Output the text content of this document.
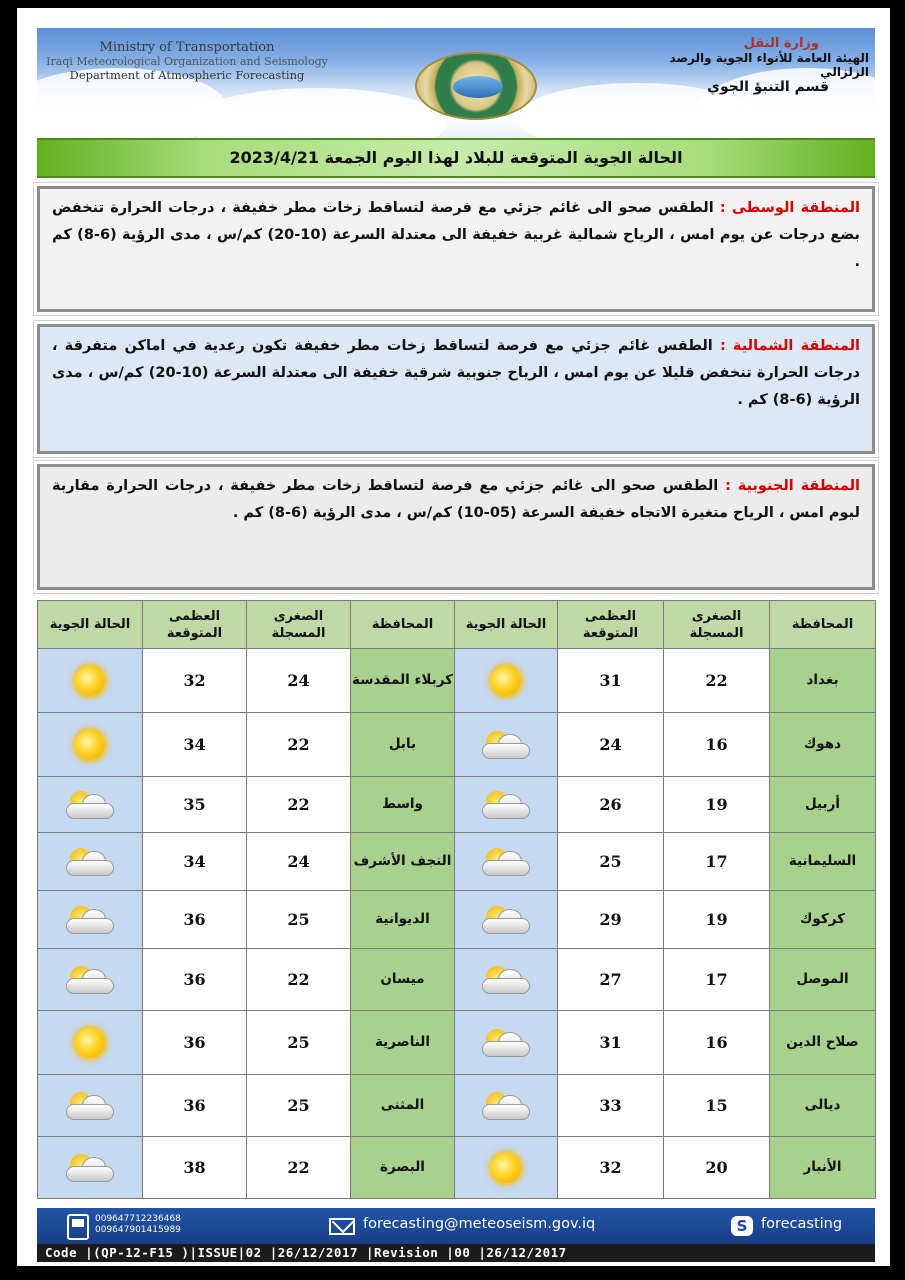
Ministry of Transportation
Iraqi Meteorological Organization and Seismology
Department of Atmospheric Forecasting
وزارة النقل
الهيئة العامة للأنواء الجوية والرصد الزلزالي
قسم التنبؤ الجوي
الحالة الجوية المتوقعة للبلاد لهذا اليوم الجمعة 2023/4/21
المنطقة الوسطى : الطقس صحو الى غائم جزئي مع فرصة لتساقط زخات مطر خفيفة ، درجات الحرارة تنخفض بضع درجات عن يوم امس ، الرياح شمالية غربية خفيفة الى معتدلة السرعة (10-20) كم/س ، مدى الرؤية (6-8) كم .
المنطقة الشمالية : الطقس غائم جزئي مع فرصة لتساقط زخات مطر خفيفة تكون رعدية في اماكن متفرقة ، درجات الحرارة تنخفض قليلا عن يوم امس ، الرياح جنوبية شرقية خفيفة الى معتدلة السرعة (10-20) كم/س ، مدى الرؤية (6-8) كم .
المنطقة الجنوبية : الطقس صحو الى غائم جزئي مع فرصة لتساقط زخات مطر خفيفة ، درجات الحرارة مقاربة ليوم امس ، الرياح متغيرة الاتجاه خفيفة السرعة (05-10) كم/س ، مدى الرؤية (6-8) كم .
المحافظة	الصغرى المسجلة	العظمى المتوقعة	الحالة الجوية	المحافظة	الصغرى المسجلة	العظمى المتوقعة	الحالة الجوية
بغداد	22	31		كربلاء المقدسة	24	32	
دهوك	16	24		بابل	22	34	
أربيل	19	26		واسط	22	35	

السليمانية	17	25		النجف الأشرف	24	34	

كركوك	19	29		الديوانية	25	36	

الموصل	17	27		ميسان	22	36	

صلاح الدين	16	31		الناصرية	25	36	
ديالى	15	33		المثنى	25	36	

الأنبار	20	32		البصرة	22	38	
009647712236468
009647901415989	forecasting@meteoseism.gov.iq	S forecasting
Code |(QP-12-F15 )|ISSUE|02 |26/12/2017 |Revision |00 |26/12/2017
